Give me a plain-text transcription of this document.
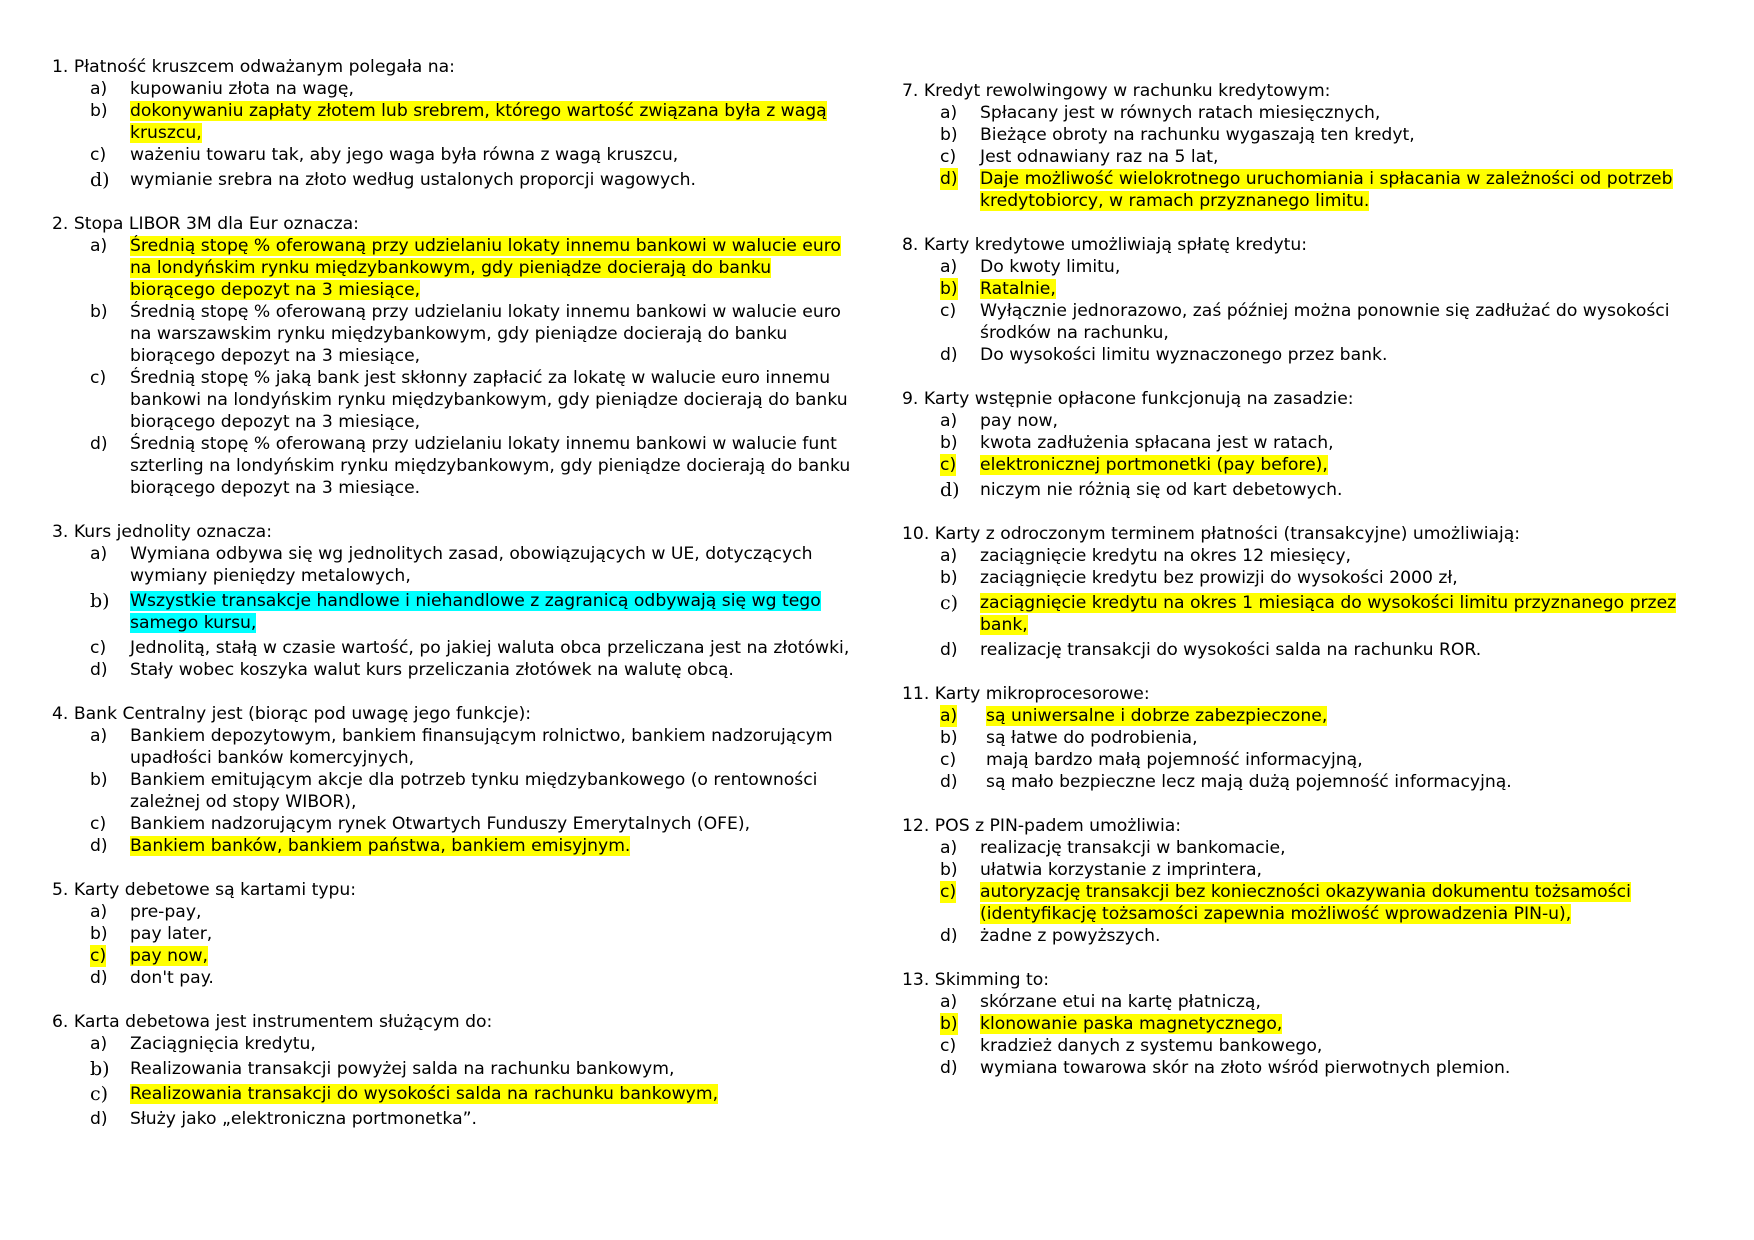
1. Płatność kruszcem odważanym polegała na:

a) kupowaniu złota na wagę,
b) dokonywaniu zapłaty złotem lub srebrem, którego wartość związana była z wagą kruszcu,
c) ważeniu towaru tak, aby jego waga była równa z wagą kruszcu,
d) wymianie srebra na złoto według ustalonych proporcji wagowych.

2. Stopa LIBOR 3M dla Eur oznacza:

a) Średnią stopę % oferowaną przy udzielaniu lokaty innemu bankowi w walucie euro na londyńskim rynku międzybankowym, gdy pieniądze docierają do banku biorącego depozyt na 3 miesiące,
b) Średnią stopę % oferowaną przy udzielaniu lokaty innemu bankowi w walucie euro na warszawskim rynku międzybankowym, gdy pieniądze docierają do banku biorącego depozyt na 3 miesiące,
c) Średnią stopę % jaką bank jest skłonny zapłacić za lokatę w walucie euro innemu bankowi na londyńskim rynku międzybankowym, gdy pieniądze docierają do banku biorącego depozyt na 3 miesiące,
d) Średnią stopę % oferowaną przy udzielaniu lokaty innemu bankowi w walucie funt szterling na londyńskim rynku międzybankowym, gdy pieniądze docierają do banku biorącego depozyt na 3 miesiące.

3. Kurs jednolity oznacza:

a) Wymiana odbywa się wg jednolitych zasad, obowiązujących w UE, dotyczących wymiany pieniędzy metalowych,
b) Wszystkie transakcje handlowe i niehandlowe z zagranicą odbywają się wg tego samego kursu,
c) Jednolitą, stałą w czasie wartość, po jakiej waluta obca przeliczana jest na złotówki,
d) Stały wobec koszyka walut kurs przeliczania złotówek na walutę obcą.

4. Bank Centralny jest (biorąc pod uwagę jego funkcje):

a) Bankiem depozytowym, bankiem finansującym rolnictwo, bankiem nadzorującym upadłości banków komercyjnych,
b) Bankiem emitującym akcje dla potrzeb tynku międzybankowego (o rentowności zależnej od stopy WIBOR),
c) Bankiem nadzorującym rynek Otwartych Funduszy Emerytalnych (OFE),
d) Bankiem banków, bankiem państwa, bankiem emisyjnym.

5. Karty debetowe są kartami typu:

a) pre-pay,
b) pay later,
c) pay now,
d) don't pay.

6. Karta debetowa jest instrumentem służącym do:

a) Zaciągnięcia kredytu,
b) Realizowania transakcji powyżej salda na rachunku bankowym,
c) Realizowania transakcji do wysokości salda na rachunku bankowym,
d) Służy jako „elektroniczna portmonetka”.

7. Kredyt rewolwingowy w rachunku kredytowym:

a) Spłacany jest w równych ratach miesięcznych,
b) Bieżące obroty na rachunku wygaszają ten kredyt,
c) Jest odnawiany raz na 5 lat,
d) Daje możliwość wielokrotnego uruchomiania i spłacania w zależności od potrzeb kredytobiorcy, w ramach przyznanego limitu.

8. Karty kredytowe umożliwiają spłatę kredytu:

a) Do kwoty limitu,
b) Ratalnie,
c) Wyłącznie jednorazowo, zaś później można ponownie się zadłużać do wysokości środków na rachunku,
d) Do wysokości limitu wyznaczonego przez bank.

9. Karty wstępnie opłacone funkcjonują na zasadzie:

a) pay now,
b) kwota zadłużenia spłacana jest w ratach,
c) elektronicznej portmonetki (pay before),
d) niczym nie różnią się od kart debetowych.

10. Karty z odroczonym terminem płatności (transakcyjne) umożliwiają:

a) zaciągnięcie kredytu na okres 12 miesięcy,
b) zaciągnięcie kredytu bez prowizji do wysokości 2000 zł,
c) zaciągnięcie kredytu na okres 1 miesiąca do wysokości limitu przyznanego przez bank,
d) realizację transakcji do wysokości salda na rachunku ROR.

11. Karty mikroprocesorowe:

a) są uniwersalne i dobrze zabezpieczone,
b) są łatwe do podrobienia,
c) mają bardzo małą pojemność informacyjną,
d) są mało bezpieczne lecz mają dużą pojemność informacyjną.

12. POS z PIN-padem umożliwia:

a) realizację transakcji w bankomacie,
b) ułatwia korzystanie z imprintera,
c) autoryzację transakcji bez konieczności okazywania dokumentu tożsamości (identyfikację tożsamości zapewnia możliwość wprowadzenia PIN-u),
d) żadne z powyższych.

13. Skimming to:

a) skórzane etui na kartę płatniczą,
b) klonowanie paska magnetycznego,
c) kradzież danych z systemu bankowego,
d) wymiana towarowa skór na złoto wśród pierwotnych plemion.
